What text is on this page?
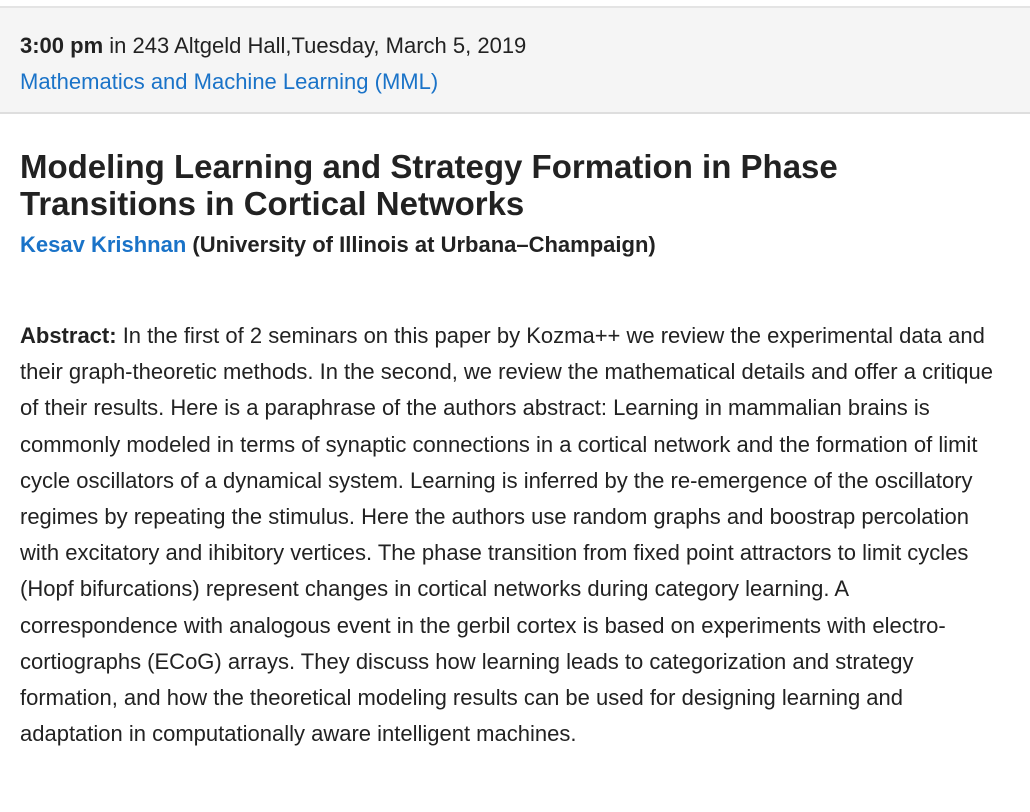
3:00 pm in 243 Altgeld Hall,Tuesday, March 5, 2019
Mathematics and Machine Learning (MML)
Modeling Learning and Strategy Formation in Phase Transitions in Cortical Networks
Kesav Krishnan (University of Illinois at Urbana–Champaign)

Abstract: In the first of 2 seminars on this paper by Kozma++ we review the experimental data and their graph-theoretic methods. In the second, we review the mathematical details and offer a critique of their results. Here is a paraphrase of the authors abstract: Learning in mammalian brains is commonly modeled in terms of synaptic connections in a cortical network and the formation of limit cycle oscillators of a dynamical system. Learning is inferred by the re-emergence of the oscillatory regimes by repeating the stimulus. Here the authors use random graphs and boostrap percolation with excitatory and ihibitory vertices. The phase transition from fixed point attractors to limit cycles (Hopf bifurcations) represent changes in cortical networks during category learning. A correspondence with analogous event in the gerbil cortex is based on experiments with electro-cortiographs (ECoG) arrays. They discuss how learning leads to categorization and strategy formation, and how the theoretical modeling results can be used for designing learning and adaptation in computationally aware intelligent machines.
